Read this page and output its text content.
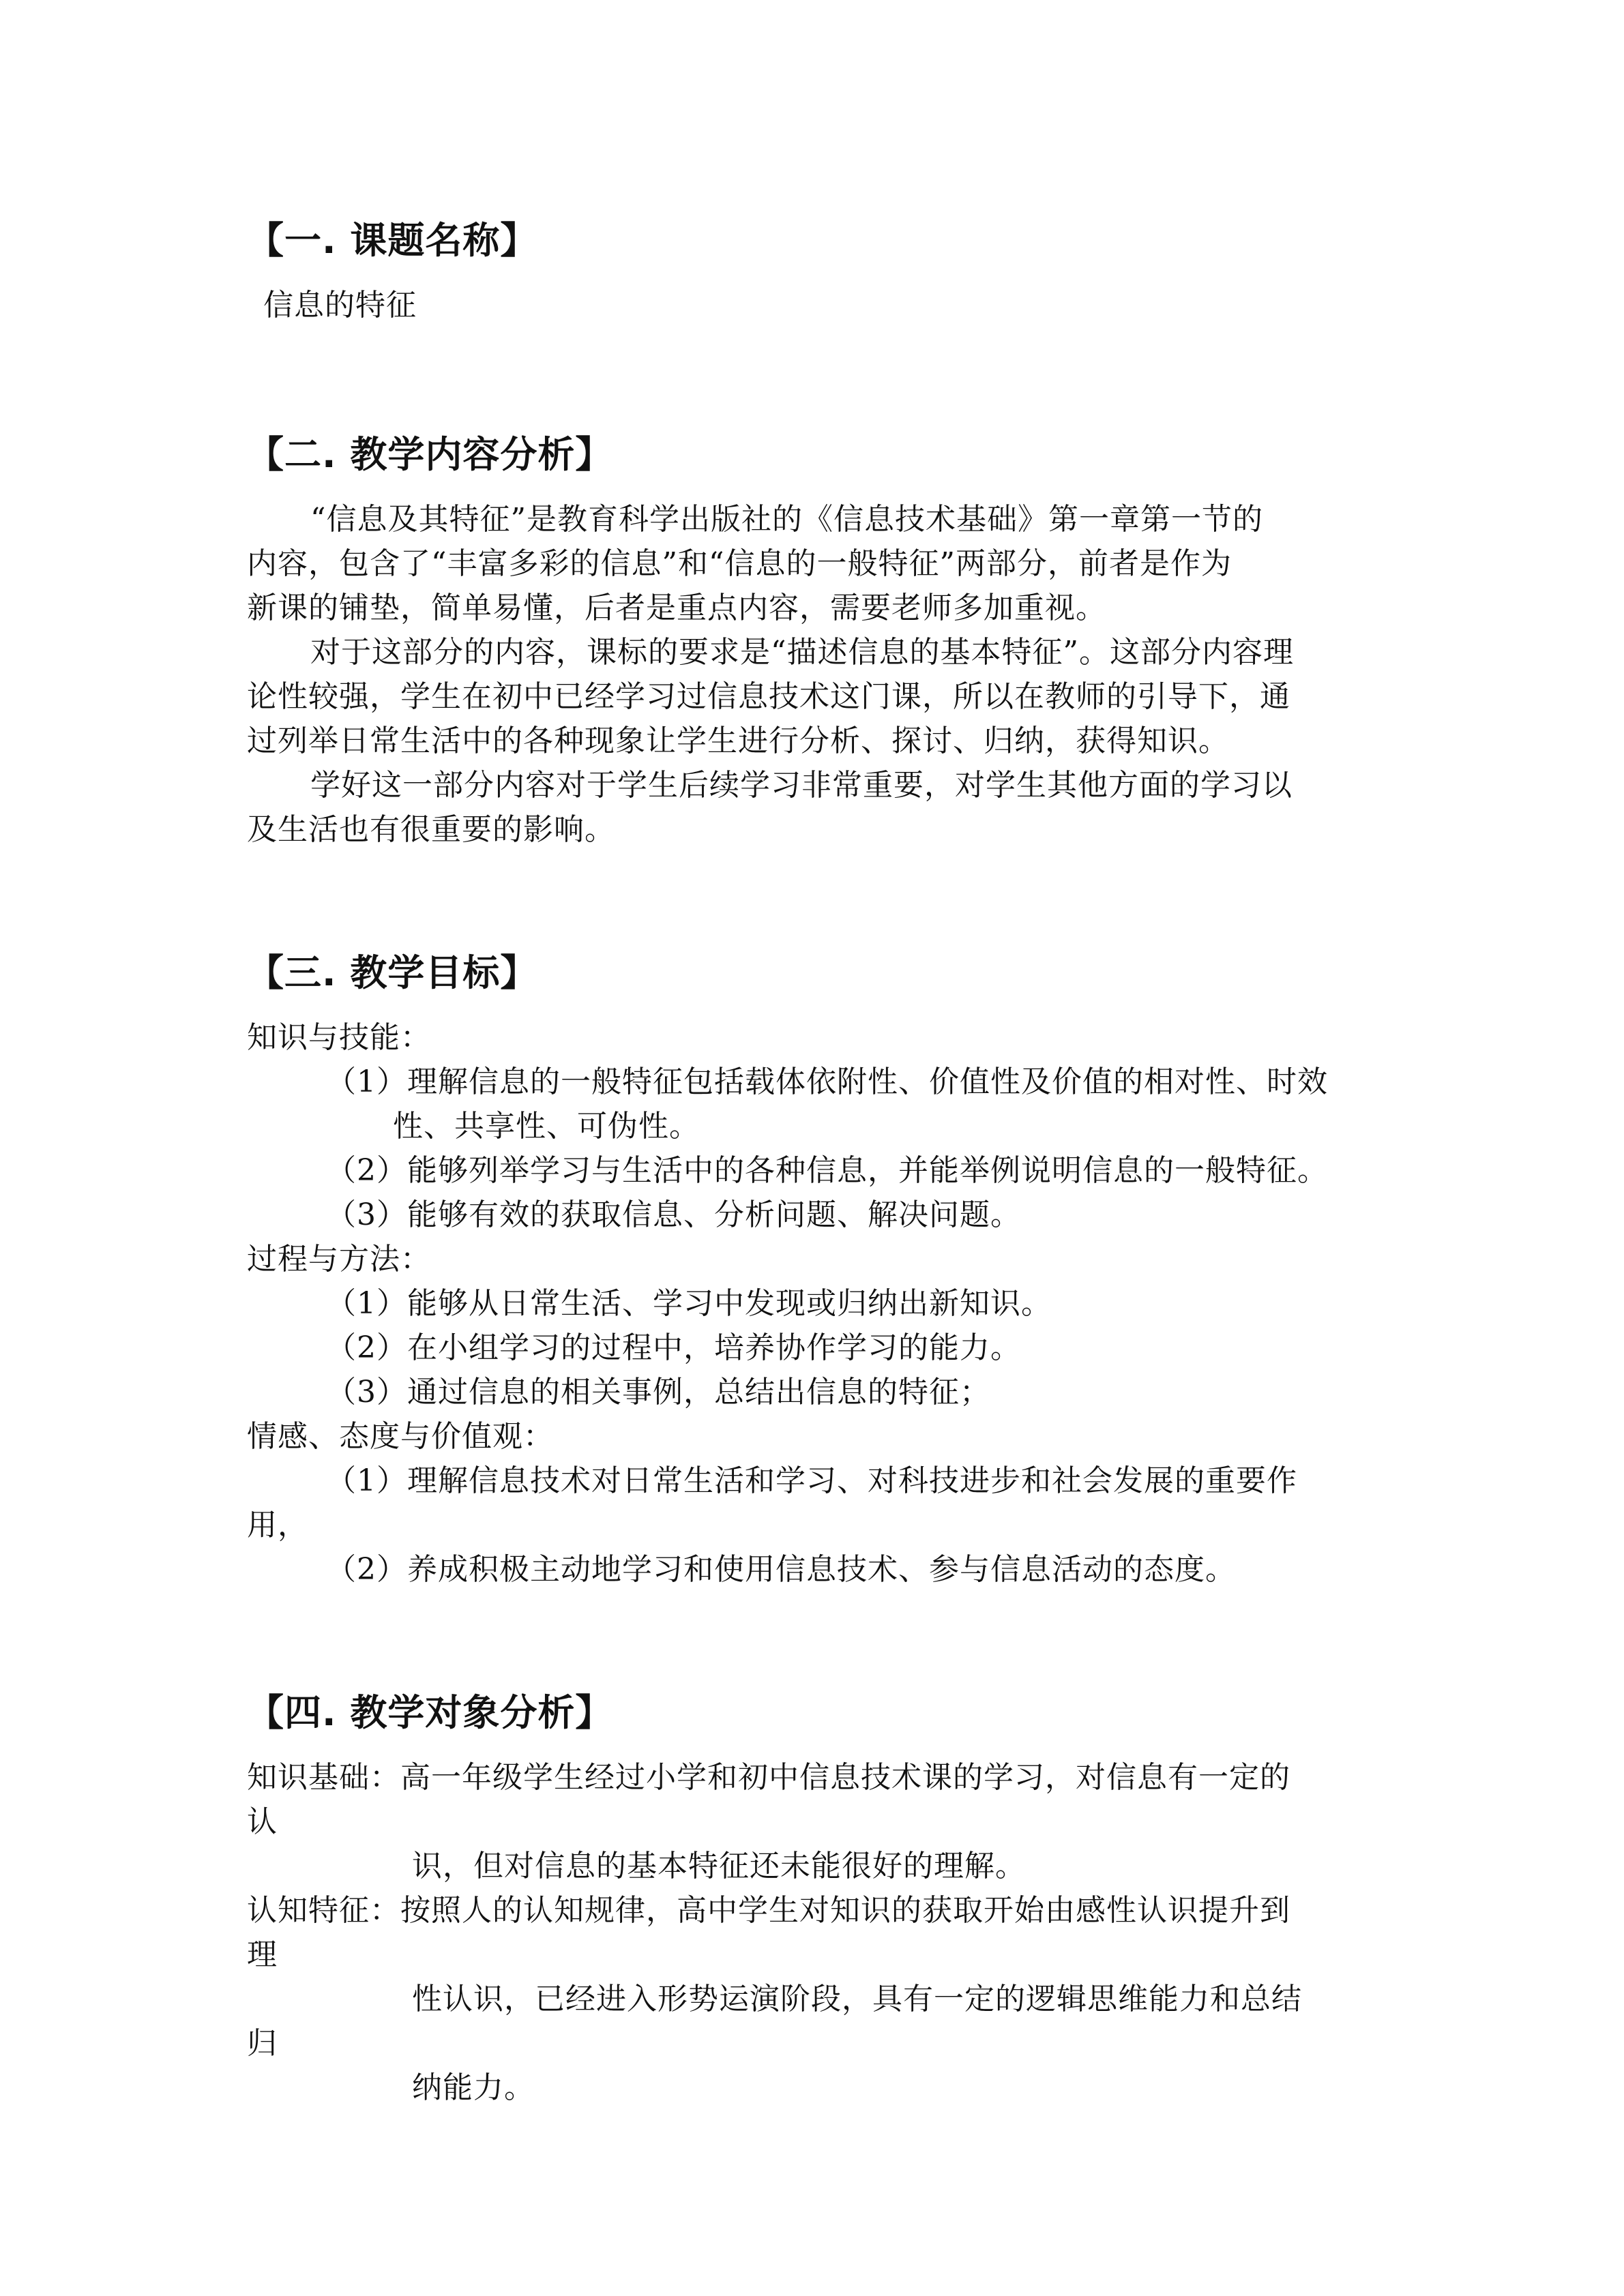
【一. 课题名称】
信息的特征
【二. 教学内容分析】
“信息及其特征”是教育科学出版社的《信息技术基础》第一章第一节的
内容，包含了“丰富多彩的信息”和“信息的一般特征”两部分，前者是作为
新课的铺垫，简单易懂，后者是重点内容，需要老师多加重视。
对于这部分的内容，课标的要求是“描述信息的基本特征”。这部分内容理
论性较强，学生在初中已经学习过信息技术这门课，所以在教师的引导下，通
过列举日常生活中的各种现象让学生进行分析、探讨、归纳，获得知识。
学好这一部分内容对于学生后续学习非常重要，对学生其他方面的学习以
及生活也有很重要的影响。
【三. 教学目标】
知识与技能：
（1）理解信息的一般特征包括载体依附性、价值性及价值的相对性、时效
性、共享性、可伪性。
（2）能够列举学习与生活中的各种信息，并能举例说明信息的一般特征。
（3）能够有效的获取信息、分析问题、解决问题。
过程与方法：
（1）能够从日常生活、学习中发现或归纳出新知识。
（2）在小组学习的过程中，培养协作学习的能力。
（3）通过信息的相关事例，总结出信息的特征；
情感、态度与价值观：
（1）理解信息技术对日常生活和学习、对科技进步和社会发展的重要作
用，
（2）养成积极主动地学习和使用信息技术、参与信息活动的态度。
【四. 教学对象分析】
知识基础：高一年级学生经过小学和初中信息技术课的学习，对信息有一定的
认
识，但对信息的基本特征还未能很好的理解。
认知特征：按照人的认知规律，高中学生对知识的获取开始由感性认识提升到
理
性认识，已经进入形势运演阶段，具有一定的逻辑思维能力和总结
归
纳能力。
